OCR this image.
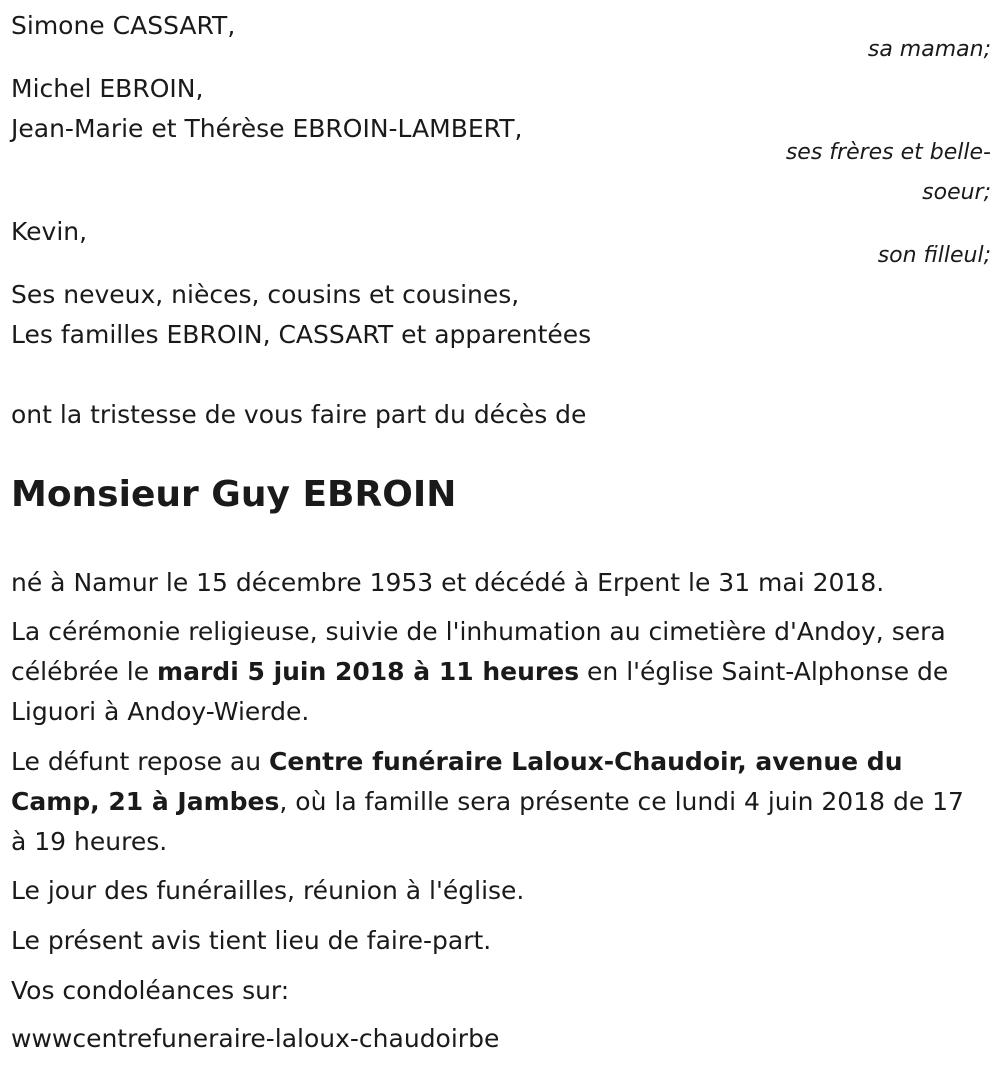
Simone CASSART,
sa maman;
Michel EBROIN,
Jean-Marie et Thérèse EBROIN-LAMBERT,
ses frères et belle-soeur;
Kevin,
son filleul;
Ses neveux, nièces, cousins et cousines,
Les familles EBROIN, CASSART et apparentées
ont la tristesse de vous faire part du décès de
Monsieur Guy EBROIN
né à Namur le 15 décembre 1953 et décédé à Erpent le 31 mai 2018.
La cérémonie religieuse, suivie de l'inhumation au cimetière d'Andoy, sera célébrée le mardi 5 juin 2018 à 11 heures en l'église Saint-Alphonse de Liguori à Andoy-Wierde.
Le défunt repose au Centre funéraire Laloux-Chaudoir, avenue du Camp, 21 à Jambes, où la famille sera présente ce lundi 4 juin 2018 de 17 à 19 heures.
Le jour des funérailles, réunion à l'église.
Le présent avis tient lieu de faire-part.
Vos condoléances sur:
wwwcentrefuneraire-laloux-chaudoirbe
